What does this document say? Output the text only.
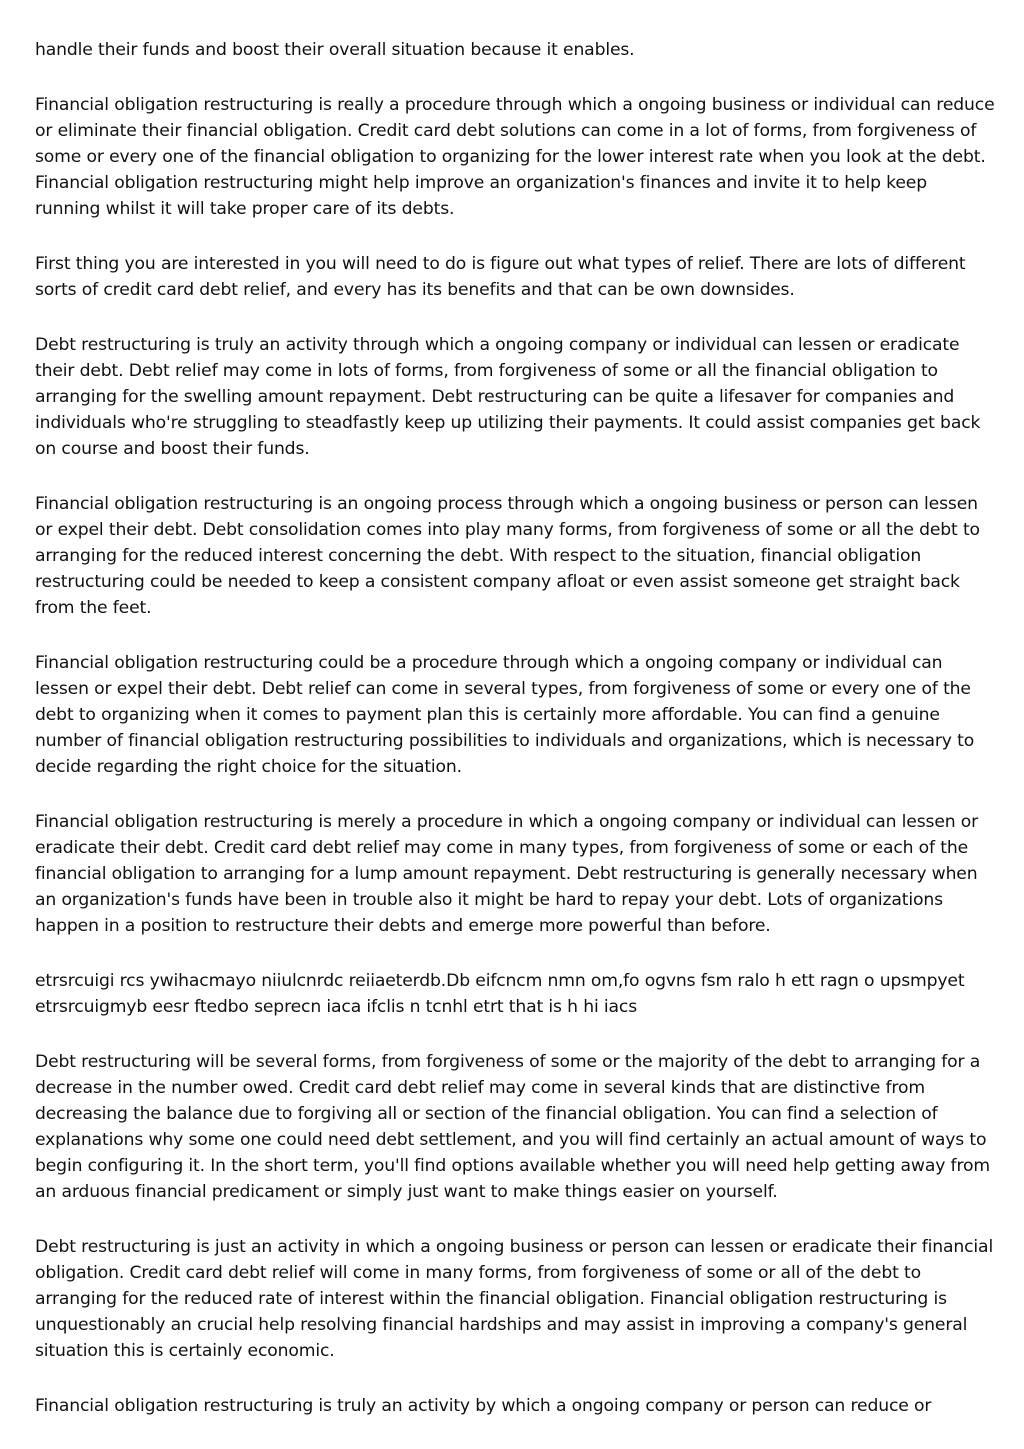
handle their funds and boost their overall situation because it enables.

Financial obligation restructuring is really a procedure through which a ongoing business or individual can reduce or eliminate their financial obligation. Credit card debt solutions can come in a lot of forms, from forgiveness of some or every one of the financial obligation to organizing for the lower interest rate when you look at the debt. Financial obligation restructuring might help improve an organization's finances and invite it to help keep running whilst it will take proper care of its debts.

First thing you are interested in you will need to do is figure out what types of relief. There are lots of different sorts of credit card debt relief, and every has its benefits and that can be own downsides.

Debt restructuring is truly an activity through which a ongoing company or individual can lessen or eradicate their debt. Debt relief may come in lots of forms, from forgiveness of some or all the financial obligation to arranging for the swelling amount repayment. Debt restructuring can be quite a lifesaver for companies and individuals who're struggling to steadfastly keep up utilizing their payments. It could assist companies get back on course and boost their funds.

Financial obligation restructuring is an ongoing process through which a ongoing business or person can lessen or expel their debt. Debt consolidation comes into play many forms, from forgiveness of some or all the debt to arranging for the reduced interest concerning the debt. With respect to the situation, financial obligation restructuring could be needed to keep a consistent company afloat or even assist someone get straight back from the feet.

Financial obligation restructuring could be a procedure through which a ongoing company or individual can lessen or expel their debt. Debt relief can come in several types, from forgiveness of some or every one of the debt to organizing when it comes to payment plan this is certainly more affordable. You can find a genuine number of financial obligation restructuring possibilities to individuals and organizations, which is necessary to decide regarding the right choice for the situation.

Financial obligation restructuring is merely a procedure in which a ongoing company or individual can lessen or eradicate their debt. Credit card debt relief may come in many types, from forgiveness of some or each of the financial obligation to arranging for a lump amount repayment. Debt restructuring is generally necessary when an organization's funds have been in trouble also it might be hard to repay your debt. Lots of organizations happen in a position to restructure their debts and emerge more powerful than before.

etrsrcuigi rcs ywihacmayo niiulcnrdc reiiaeterdb.Db eifcncm nmn om,fo ogvns fsm ralo h ett ragn o upsmpyet etrsrcuigmyb eesr ftedbo seprecn iaca ifclis n tcnhl etrt that is h hi iacs

Debt restructuring will be several forms, from forgiveness of some or the majority of the debt to arranging for a decrease in the number owed. Credit card debt relief may come in several kinds that are distinctive from decreasing the balance due to forgiving all or section of the financial obligation. You can find a selection of explanations why some one could need debt settlement, and you will find certainly an actual amount of ways to begin configuring it. In the short term, you'll find options available whether you will need help getting away from an arduous financial predicament or simply just want to make things easier on yourself.

Debt restructuring is just an activity in which a ongoing business or person can lessen or eradicate their financial obligation. Credit card debt relief will come in many forms, from forgiveness of some or all of the debt to arranging for the reduced rate of interest within the financial obligation. Financial obligation restructuring is unquestionably an crucial help resolving financial hardships and may assist in improving a company's general situation this is certainly economic.

Financial obligation restructuring is truly an activity by which a ongoing company or person can reduce or
